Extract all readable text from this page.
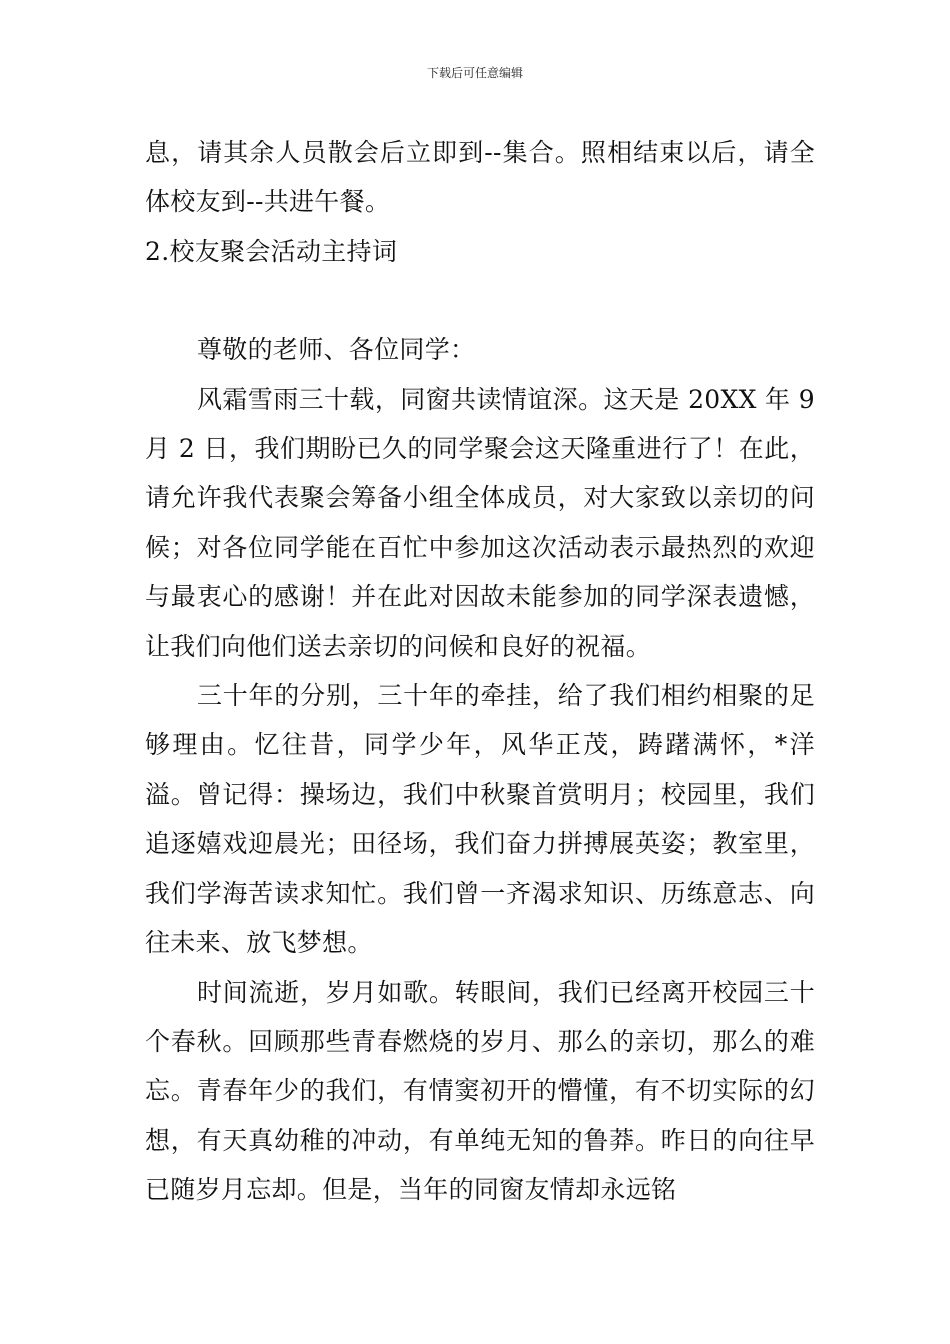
下载后可任意编辑

息，请其余人员散会后立即到--集合。照相结束以后，请全体校友到--共进午餐。

2.校友聚会活动主持词

尊敬的老师、各位同学：

风霜雪雨三十载，同窗共读情谊深。这天是 20XX 年 9 月 2 日，我们期盼已久的同学聚会这天隆重进行了！在此，请允许我代表聚会筹备小组全体成员，对大家致以亲切的问候；对各位同学能在百忙中参加这次活动表示最热烈的欢迎与最衷心的感谢！并在此对因故未能参加的同学深表遗憾，让我们向他们送去亲切的问候和良好的祝福。

三十年的分别，三十年的牵挂，给了我们相约相聚的足够理由。忆往昔，同学少年，风华正茂，踌躇满怀，*洋溢。曾记得：操场边，我们中秋聚首赏明月；校园里，我们追逐嬉戏迎晨光；田径场，我们奋力拼搏展英姿；教室里，我们学海苦读求知忙。我们曾一齐渴求知识、历练意志、向往未来、放飞梦想。

时间流逝，岁月如歌。转眼间，我们已经离开校园三十个春秋。回顾那些青春燃烧的岁月、那么的亲切，那么的难忘。青春年少的我们，有情窦初开的懵懂，有不切实际的幻想，有天真幼稚的冲动，有单纯无知的鲁莽。昨日的向往早已随岁月忘却。但是，当年的同窗友情却永远铭
